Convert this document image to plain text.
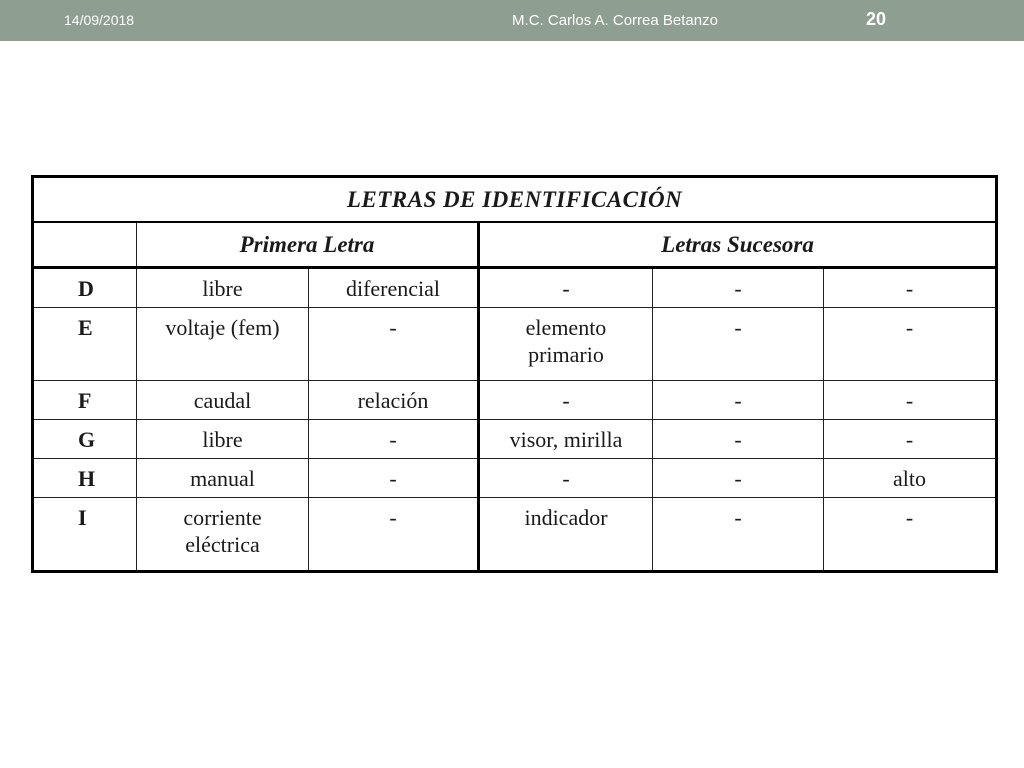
14/09/2018	M.C. Carlos A. Correa Betanzo	20
LETRAS DE IDENTIFICACIÓN					
	Primera Letra		Letras Sucesora		
D	libre	diferencial	-	-	-
E	voltaje (fem)	-	elemento primario	-	-
F	caudal	relación	-	-	-
G	libre	-	visor, mirilla	-	-
H	manual	-	-	-	alto
I	corriente eléctrica	-	indicador	-	-
